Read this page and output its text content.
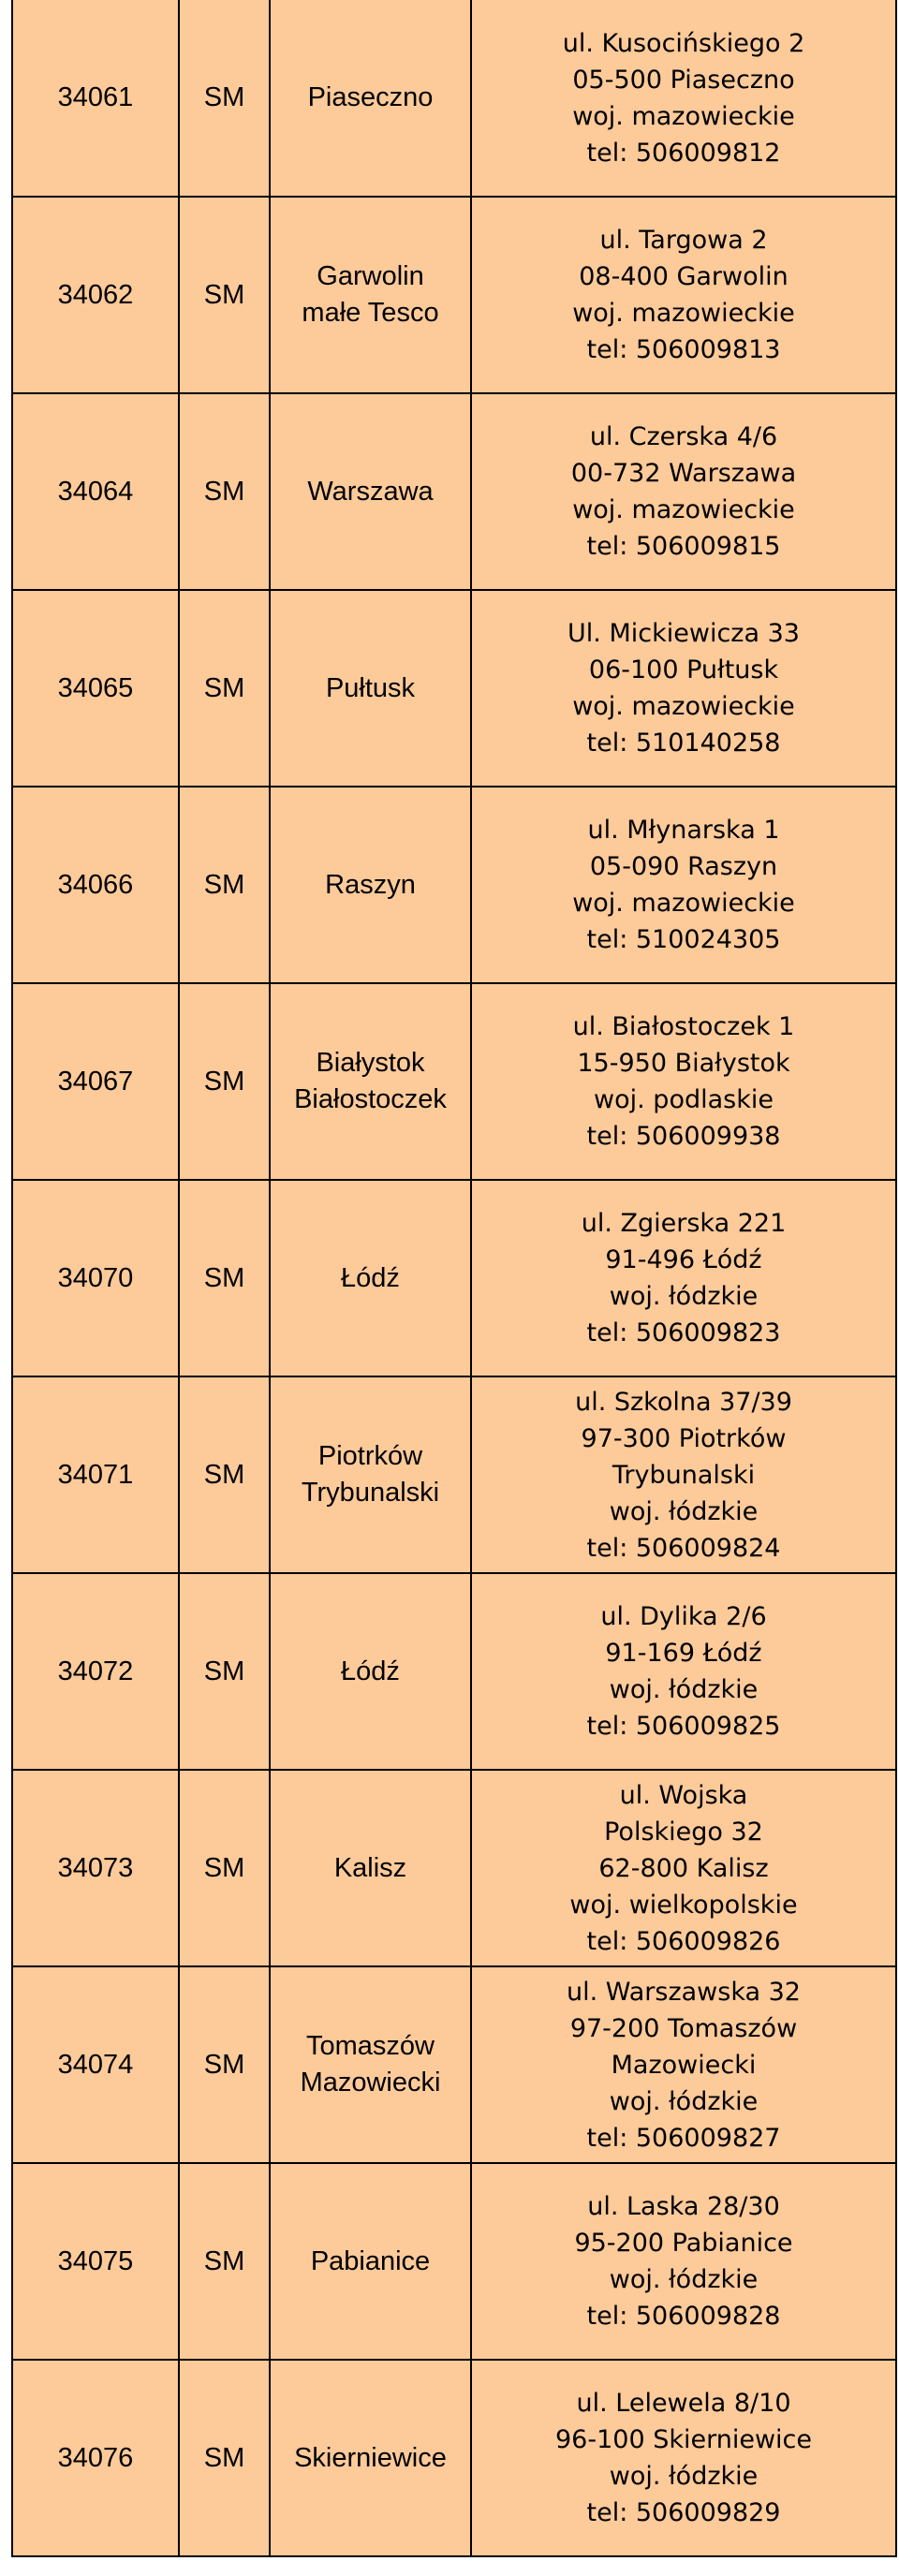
34061	SM	Piaseczno	ul. Kusocińskiego 2
05-500 Piaseczno
woj. mazowieckie
tel: 506009812

34062	SM	Garwolin
małe Tesco	ul. Targowa 2
08-400 Garwolin
woj. mazowieckie
tel: 506009813

34064	SM	Warszawa	ul. Czerska 4/6
00-732 Warszawa
woj. mazowieckie
tel: 506009815

34065	SM	Pułtusk	Ul. Mickiewicza 33
06-100 Pułtusk
woj. mazowieckie
tel: 510140258

34066	SM	Raszyn	ul. Młynarska 1
05-090 Raszyn
woj. mazowieckie
tel: 510024305

34067	SM	Białystok
Białostoczek	ul. Białostoczek 1
15-950 Białystok
woj. podlaskie
tel: 506009938

34070	SM	Łódź	ul. Zgierska 221
91-496 Łódź
woj. łódzkie
tel: 506009823

34071	SM	Piotrków
Trybunalski	ul. Szkolna 37/39
97-300 Piotrków
Trybunalski
woj. łódzkie
tel: 506009824

34072	SM	Łódź	ul. Dylika 2/6
91-169 Łódź
woj. łódzkie
tel: 506009825

34073	SM	Kalisz	ul. Wojska
Polskiego 32
62-800 Kalisz
woj. wielkopolskie
tel: 506009826

34074	SM	Tomaszów
Mazowiecki	ul. Warszawska 32
97-200 Tomaszów
Mazowiecki
woj. łódzkie
tel: 506009827

34075	SM	Pabianice	ul. Laska 28/30
95-200 Pabianice
woj. łódzkie
tel: 506009828

34076	SM	Skierniewice	ul. Lelewela 8/10
96-100 Skierniewice
woj. łódzkie
tel: 506009829
